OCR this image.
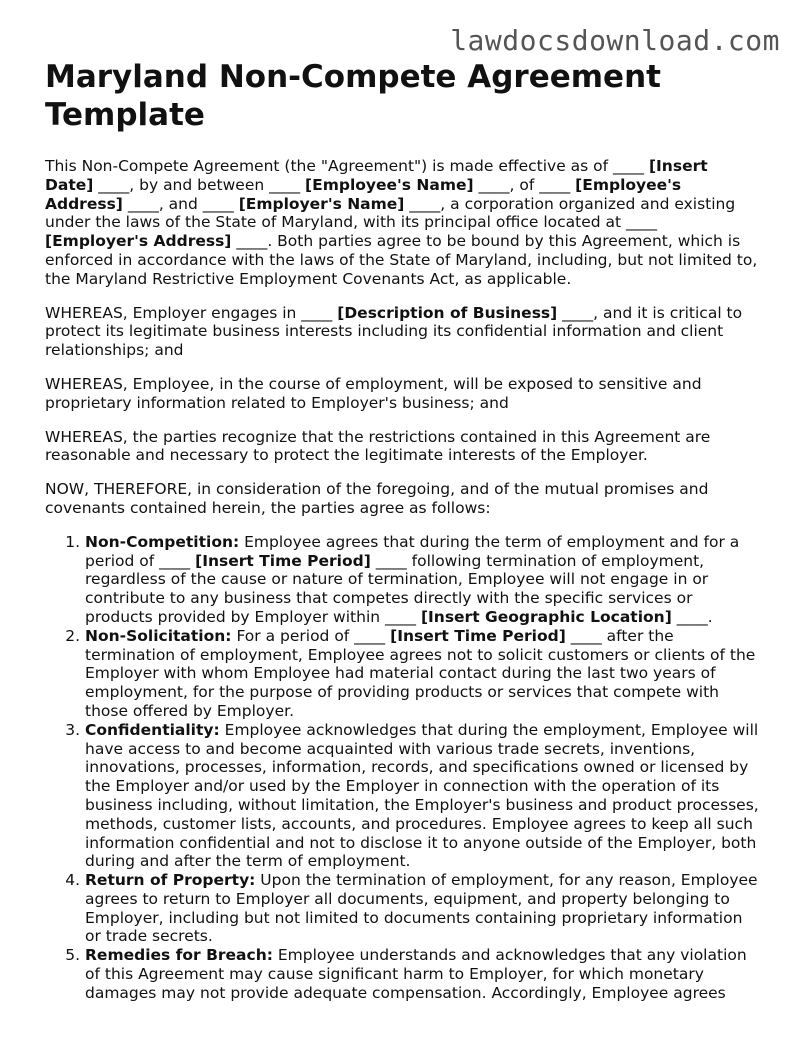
lawdocsdownload.com
Maryland Non-Compete Agreement Template

This Non-Compete Agreement (the "Agreement") is made effective as of ____ [Insert Date] ____, by and between ____ [Employee's Name] ____, of ____ [Employee's Address] ____, and ____ [Employer's Name] ____, a corporation organized and existing under the laws of the State of Maryland, with its principal office located at ____ [Employer's Address] ____. Both parties agree to be bound by this Agreement, which is enforced in accordance with the laws of the State of Maryland, including, but not limited to, the Maryland Restrictive Employment Covenants Act, as applicable.

WHEREAS, Employer engages in ____ [Description of Business] ____, and it is critical to protect its legitimate business interests including its confidential information and client relationships; and

WHEREAS, Employee, in the course of employment, will be exposed to sensitive and proprietary information related to Employer's business; and

WHEREAS, the parties recognize that the restrictions contained in this Agreement are reasonable and necessary to protect the legitimate interests of the Employer.

NOW, THEREFORE, in consideration of the foregoing, and of the mutual promises and covenants contained herein, the parties agree as follows:

1. Non-Competition: Employee agrees that during the term of employment and for a period of ____ [Insert Time Period] ____ following termination of employment, regardless of the cause or nature of termination, Employee will not engage in or contribute to any business that competes directly with the specific services or products provided by Employer within ____ [Insert Geographic Location] ____.
2. Non-Solicitation: For a period of ____ [Insert Time Period] ____ after the termination of employment, Employee agrees not to solicit customers or clients of the Employer with whom Employee had material contact during the last two years of employment, for the purpose of providing products or services that compete with those offered by Employer.
3. Confidentiality: Employee acknowledges that during the employment, Employee will have access to and become acquainted with various trade secrets, inventions, innovations, processes, information, records, and specifications owned or licensed by the Employer and/or used by the Employer in connection with the operation of its business including, without limitation, the Employer's business and product processes, methods, customer lists, accounts, and procedures. Employee agrees to keep all such information confidential and not to disclose it to anyone outside of the Employer, both during and after the term of employment.
4. Return of Property: Upon the termination of employment, for any reason, Employee agrees to return to Employer all documents, equipment, and property belonging to Employer, including but not limited to documents containing proprietary information or trade secrets.
5. Remedies for Breach: Employee understands and acknowledges that any violation of this Agreement may cause significant harm to Employer, for which monetary damages may not provide adequate compensation. Accordingly, Employee agrees
